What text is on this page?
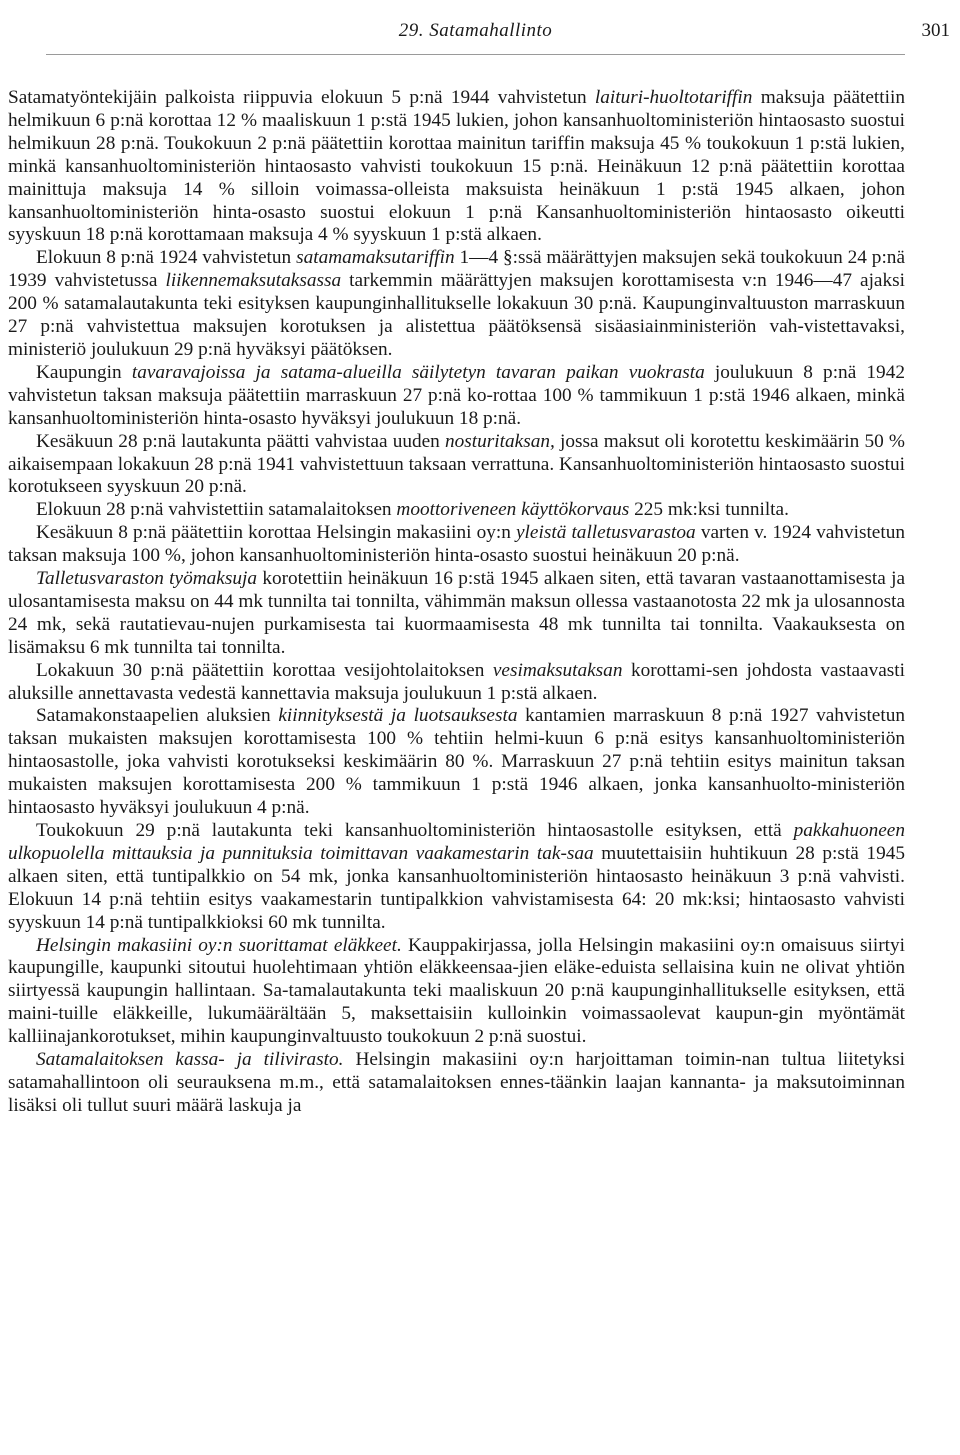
29. Satamahallinto	301

Satamatyöntekijäin palkoista riippuvia elokuun 5 p:nä 1944 vahvistetun laituri-huoltotariffin maksuja päätettiin helmikuun 6 p:nä korottaa 12 % maaliskuun 1 p:stä 1945 lukien, johon kansanhuoltoministeriön hintaosasto suostui helmikuun 28 p:nä. Toukokuun 2 p:nä päätettiin korottaa mainitun tariffin maksuja 45 % toukokuun 1 p:stä lukien, minkä kansanhuoltoministeriön hintaosasto vahvisti toukokuun 15 p:nä. Heinäkuun 12 p:nä päätettiin korottaa mainittuja maksuja 14 % silloin voimassa-olleista maksuista heinäkuun 1 p:stä 1945 alkaen, johon kansanhuoltoministeriön hinta-osasto suostui elokuun 1 p:nä Kansanhuoltoministeriön hintaosasto oikeutti syyskuun 18 p:nä korottamaan maksuja 4 % syyskuun 1 p:stä alkaen.

Elokuun 8 p:nä 1924 vahvistetun satamamaksutariffin 1—4 §:ssä määrättyjen maksujen sekä toukokuun 24 p:nä 1939 vahvistetussa liikennemaksutaksassa tarkemmin määrättyjen maksujen korottamisesta v:n 1946—47 ajaksi 200 % satamalautakunta teki esityksen kaupunginhallitukselle lokakuun 30 p:nä. Kaupunginvaltuuston marraskuun 27 p:nä vahvistettua maksujen korotuksen ja alistettua päätöksensä sisäasiainministeriön vah-vistettavaksi, ministeriö joulukuun 29 p:nä hyväksyi päätöksen.

Kaupungin tavaravajoissa ja satama-alueilla säilytetyn tavaran paikan vuokrasta joulukuun 8 p:nä 1942 vahvistetun taksan maksuja päätettiin marraskuun 27 p:nä ko-rottaa 100 % tammikuun 1 p:stä 1946 alkaen, minkä kansanhuoltoministeriön hinta-osasto hyväksyi joulukuun 18 p:nä.

Kesäkuun 28 p:nä lautakunta päätti vahvistaa uuden nosturitaksan, jossa maksut oli korotettu keskimäärin 50 % aikaisempaan lokakuun 28 p:nä 1941 vahvistettuun taksaan verrattuna. Kansanhuoltoministeriön hintaosasto suostui korotukseen syyskuun 20 p:nä.

Elokuun 28 p:nä vahvistettiin satamalaitoksen moottoriveneen käyttökorvaus 225 mk:ksi tunnilta.

Kesäkuun 8 p:nä päätettiin korottaa Helsingin makasiini oy:n yleistä talletusvarastoa varten v. 1924 vahvistetun taksan maksuja 100 %, johon kansanhuoltoministeriön hinta-osasto suostui heinäkuun 20 p:nä.

Talletusvaraston työmaksuja korotettiin heinäkuun 16 p:stä 1945 alkaen siten, että tavaran vastaanottamisesta ja ulosantamisesta maksu on 44 mk tunnilta tai tonnilta, vähimmän maksun ollessa vastaanotosta 22 mk ja ulosannosta 24 mk, sekä rautatievau-nujen purkamisesta tai kuormaamisesta 48 mk tunnilta tai tonnilta. Vaakauksesta on lisämaksu 6 mk tunnilta tai tonnilta.

Lokakuun 30 p:nä päätettiin korottaa vesijohtolaitoksen vesimaksutaksan korottami-sen johdosta vastaavasti aluksille annettavasta vedestä kannettavia maksuja joulukuun 1 p:stä alkaen.

Satamakonstaapelien aluksien kiinnityksestä ja luotsauksesta kantamien marraskuun 8 p:nä 1927 vahvistetun taksan mukaisten maksujen korottamisesta 100 % tehtiin helmi-kuun 6 p:nä esitys kansanhuoltoministeriön hintaosastolle, joka vahvisti korotukseksi keskimäärin 80 %. Marraskuun 27 p:nä tehtiin esitys mainitun taksan mukaisten maksujen korottamisesta 200 % tammikuun 1 p:stä 1946 alkaen, jonka kansanhuolto-ministeriön hintaosasto hyväksyi joulukuun 4 p:nä.

Toukokuun 29 p:nä lautakunta teki kansanhuoltoministeriön hintaosastolle esityksen, että pakkahuoneen ulkopuolella mittauksia ja punnituksia toimittavan vaakamestarin tak-saa muutettaisiin huhtikuun 28 p:stä 1945 alkaen siten, että tuntipalkkio on 54 mk, jonka kansanhuoltoministeriön hintaosasto heinäkuun 3 p:nä vahvisti. Elokuun 14 p:nä tehtiin esitys vaakamestarin tuntipalkkion vahvistamisesta 64: 20 mk:ksi; hintaosasto vahvisti syyskuun 14 p:nä tuntipalkkioksi 60 mk tunnilta.

Helsingin makasiini oy:n suorittamat eläkkeet. Kauppakirjassa, jolla Helsingin makasiini oy:n omaisuus siirtyi kaupungille, kaupunki sitoutui huolehtimaan yhtiön eläkkeensaa-jien eläke-eduista sellaisina kuin ne olivat yhtiön siirtyessä kaupungin hallintaan. Sa-tamalautakunta teki maaliskuun 20 p:nä kaupunginhallitukselle esityksen, että maini-tuille eläkkeille, lukumäärältään 5, maksettaisiin kulloinkin voimassaolevat kaupun-gin myöntämät kalliinajankorotukset, mihin kaupunginvaltuusto toukokuun 2 p:nä suostui.

Satamalaitoksen kassa- ja tilivirasto. Helsingin makasiini oy:n harjoittaman toimin-nan tultua liitetyksi satamahallintoon oli seurauksena m.m., että satamalaitoksen ennes-täänkin laajan kannanta- ja maksutoiminnan lisäksi oli tullut suuri määrä laskuja ja
